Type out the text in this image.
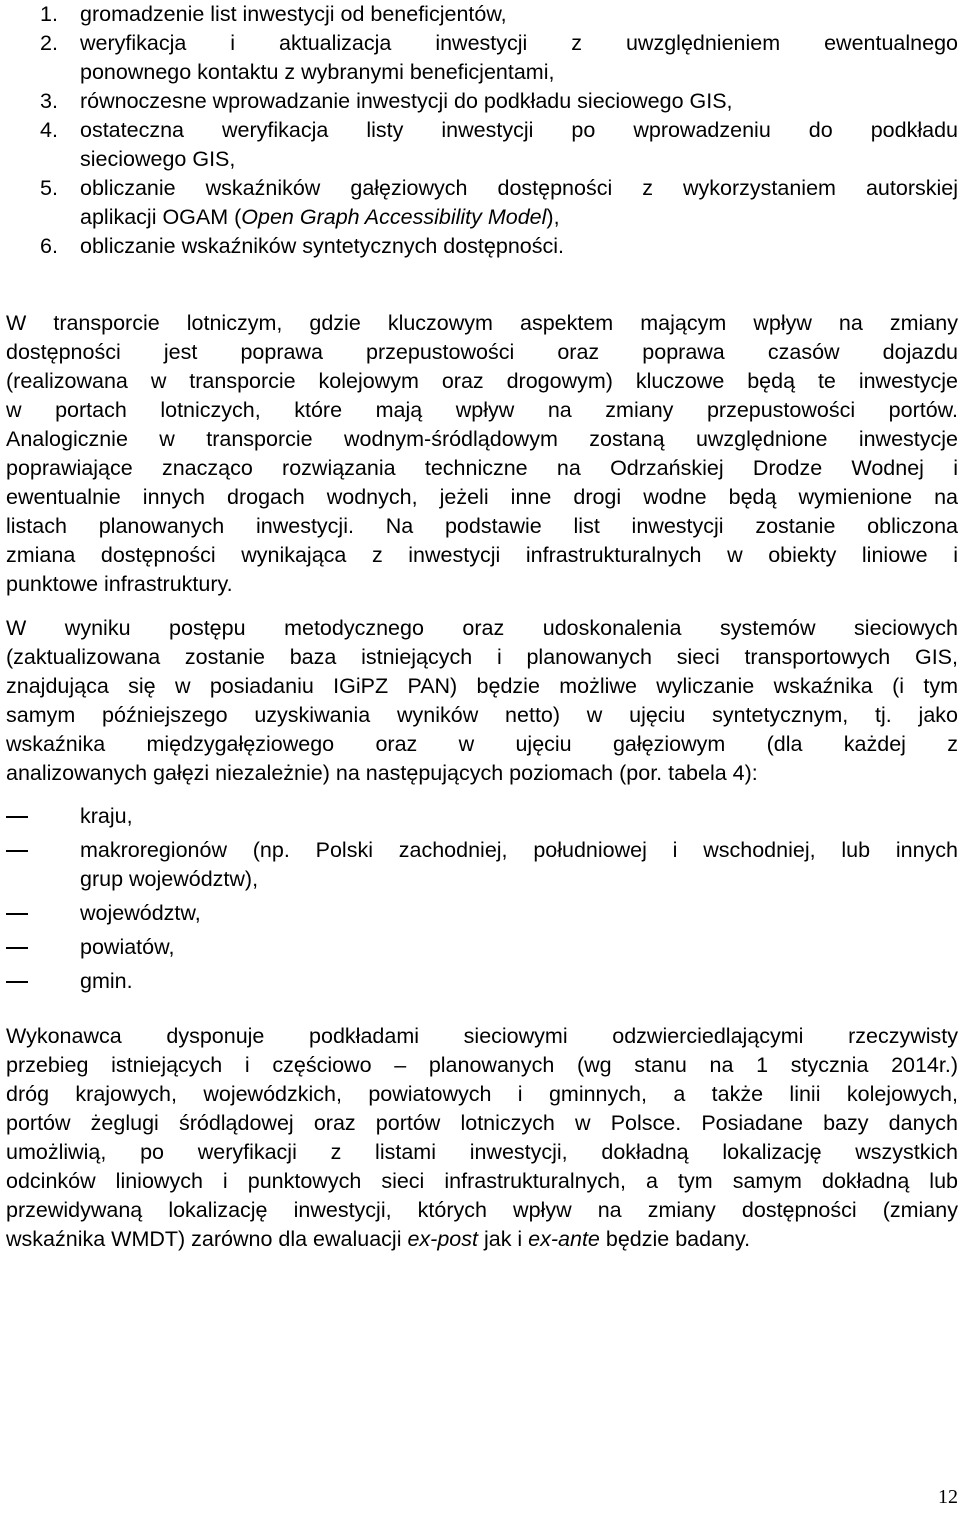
1. gromadzenie list inwestycji od beneficjentów,
2. weryfikacja i aktualizacja inwestycji z uwzględnieniem ewentualnego
ponownego kontaktu z wybranymi beneficjentami,
3. równoczesne wprowadzanie inwestycji do podkładu sieciowego GIS,
4. ostateczna weryfikacja listy inwestycji po wprowadzeniu do podkładu
sieciowego GIS,
5. obliczanie wskaźników gałęziowych dostępności z wykorzystaniem autorskiej
aplikacji OGAM (Open Graph Accessibility Model),
6. obliczanie wskaźników syntetycznych dostępności.
W transporcie lotniczym, gdzie kluczowym aspektem mającym wpływ na zmiany
dostępności jest poprawa przepustowości oraz poprawa czasów dojazdu
(realizowana w transporcie kolejowym oraz drogowym) kluczowe będą te inwestycje
w portach lotniczych, które mają wpływ na zmiany przepustowości portów.
Analogicznie w transporcie wodnym-śródlądowym zostaną uwzględnione inwestycje
poprawiające znacząco rozwiązania techniczne na Odrzańskiej Drodze Wodnej i
ewentualnie innych drogach wodnych, jeżeli inne drogi wodne będą wymienione na
listach planowanych inwestycji. Na podstawie list inwestycji zostanie obliczona
zmiana dostępności wynikająca z inwestycji infrastrukturalnych w obiekty liniowe i
punktowe infrastruktury.
W wyniku postępu metodycznego oraz udoskonalenia systemów sieciowych
(zaktualizowana zostanie baza istniejących i planowanych sieci transportowych GIS,
znajdująca się w posiadaniu IGiPZ PAN) będzie możliwe wyliczanie wskaźnika (i tym
samym późniejszego uzyskiwania wyników netto) w ujęciu syntetycznym, tj. jako
wskaźnika międzygałęziowego oraz w ujęciu gałęziowym (dla każdej z
analizowanych gałęzi niezależnie) na następujących poziomach (por. tabela 4):
kraju,
makroregionów (np. Polski zachodniej, południowej i wschodniej, lub innych
grup województw),
województw,
powiatów,
gmin.
Wykonawca dysponuje podkładami sieciowymi odzwierciedlającymi rzeczywisty
przebieg istniejących i częściowo – planowanych (wg stanu na 1 stycznia 2014r.)
dróg krajowych, wojewódzkich, powiatowych i gminnych, a także linii kolejowych,
portów żeglugi śródlądowej oraz portów lotniczych w Polsce. Posiadane bazy danych
umożliwią, po weryfikacji z listami inwestycji, dokładną lokalizację wszystkich
odcinków liniowych i punktowych sieci infrastrukturalnych, a tym samym dokładną lub
przewidywaną lokalizację inwestycji, których wpływ na zmiany dostępności (zmiany
wskaźnika WMDT) zarówno dla ewaluacji ex-post jak i ex-ante będzie badany.
12
